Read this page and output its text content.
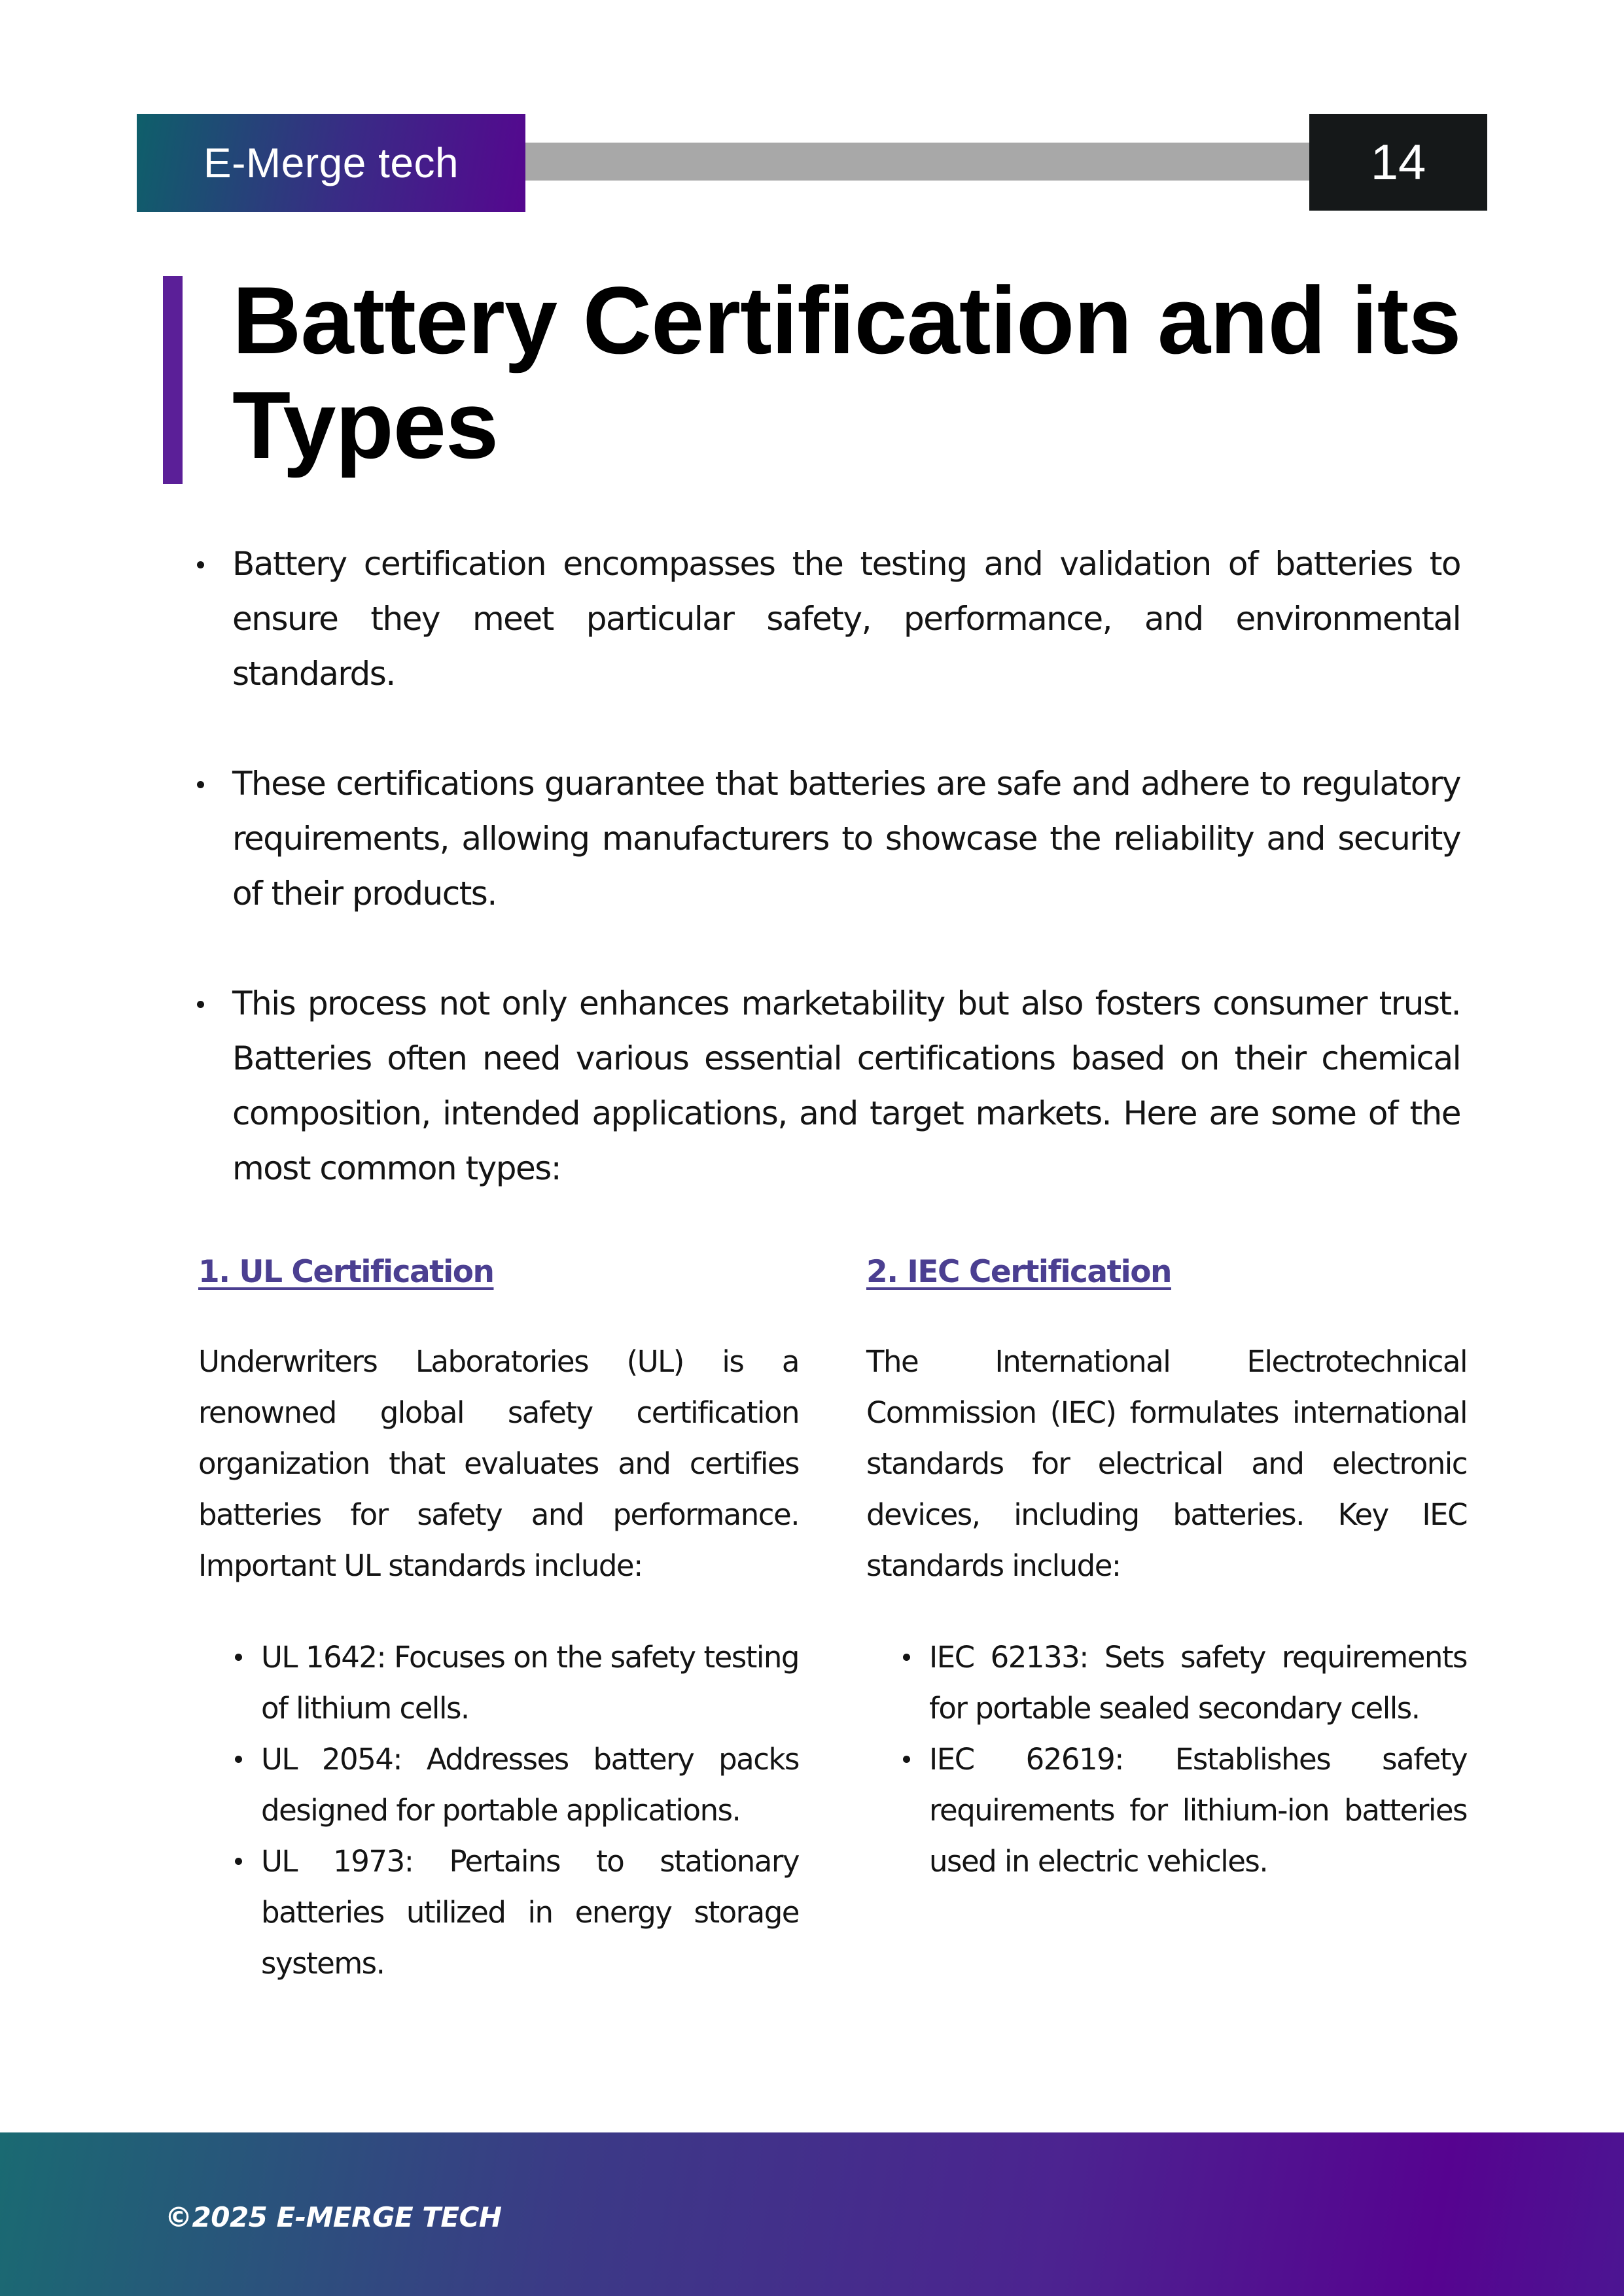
E-Merge tech	14
Battery Certification and its Types
Battery certification encompasses the testing and validation of batteries to ensure they meet particular safety, performance, and environmental standards.
These certifications guarantee that batteries are safe and adhere to regulatory requirements, allowing manufacturers to showcase the reliability and security of their products.
This process not only enhances marketability but also fosters consumer trust. Batteries often need various essential certifications based on their chemical composition, intended applications, and target markets. Here are some of the most common types:
1. UL Certification

Underwriters Laboratories (UL) is a renowned global safety certification organization that evaluates and certifies batteries for safety and performance. Important UL standards include:

UL 1642: Focuses on the safety testing of lithium cells.
UL 2054: Addresses battery packs designed for portable applications.
UL 1973: Pertains to stationary batteries utilized in energy storage systems.
2. IEC Certification

The International Electrotechnical Commission (IEC) formulates international standards for electrical and electronic devices, including batteries. Key IEC standards include:

IEC 62133: Sets safety requirements for portable sealed secondary cells.
IEC 62619: Establishes safety requirements for lithium-ion batteries used in electric vehicles.
©2025 E-MERGE TECH
